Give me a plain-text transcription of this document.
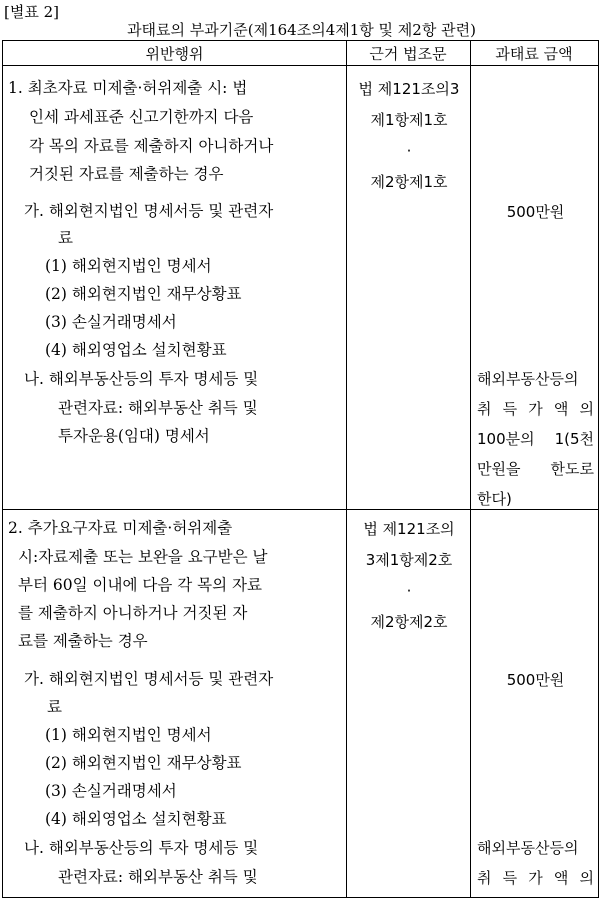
[별표 2]
과태료의 부과기준(제164조의4제1항 및 제2항 관련)
위반행위	근거 법조문	과태료 금액
1. 최초자료 미제출·허위제출 시: 법
인세 과세표준 신고기한까지 다음
각 목의 자료를 제출하지 아니하거나
거짓된 자료를 제출하는 경우
법 제121조의3
제1항제1호
·
제2항제1호
가. 해외현지법인 명세서등 및 관련자
료
500만원
(1) 해외현지법인 명세서
(2) 해외현지법인 재무상황표
(3) 손실거래명세서
(4) 해외영업소 설치현황표
나. 해외부동산등의 투자 명세등 및
관련자료: 해외부동산 취득 및
투자운용(임대) 명세서
해외부동산등의
취 득 가 액 의
100분의 1(5천
만원을 한도로
한다)
2. 추가요구자료 미제출·허위제출
시:자료제출 또는 보완을 요구받은 날
부터 60일 이내에 다음 각 목의 자료
를 제출하지 아니하거나 거짓된 자
료를 제출하는 경우
법 제121조의
3제1항제2호
·
제2항제2호
가. 해외현지법인 명세서등 및 관련자
료
500만원
(1) 해외현지법인 명세서
(2) 해외현지법인 재무상황표
(3) 손실거래명세서
(4) 해외영업소 설치현황표
나. 해외부동산등의 투자 명세등 및
관련자료: 해외부동산 취득 및
해외부동산등의
취 득 가 액 의
